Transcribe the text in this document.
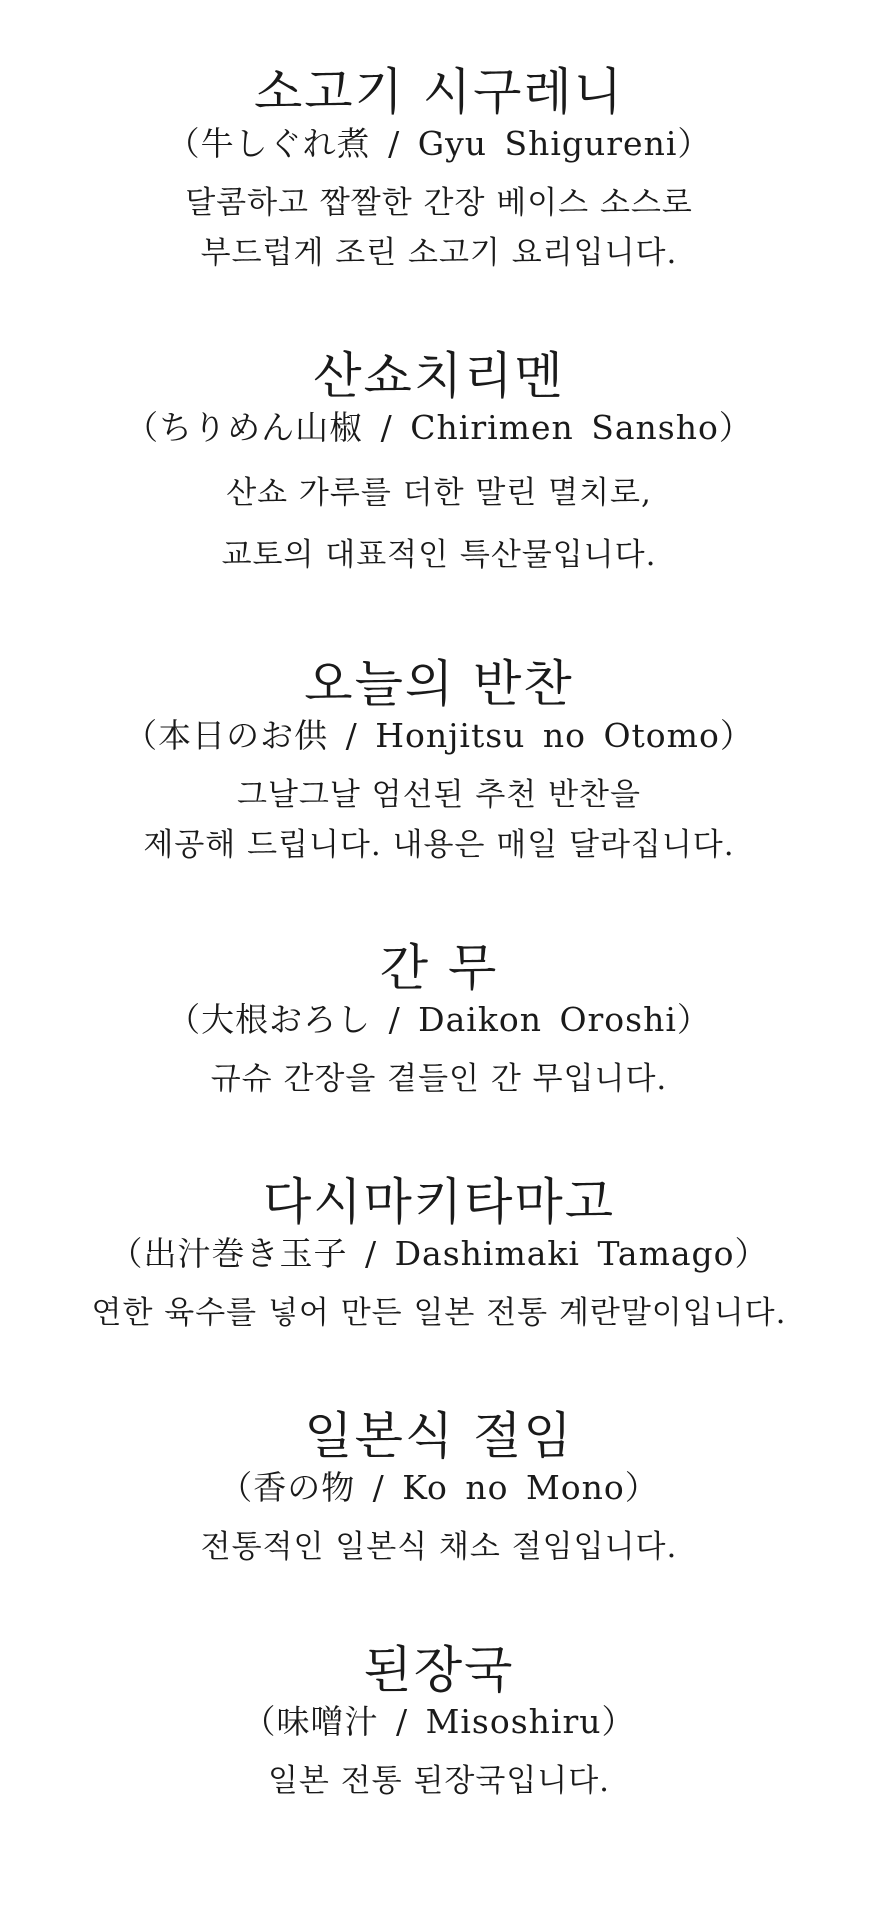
소고기 시구레니

（牛しぐれ煮 / Gyu Shigureni）

달콤하고 짭짤한 간장 베이스 소스로

부드럽게 조린 소고기 요리입니다.

산쇼치리멘

（ちりめん山椒 / Chirimen Sansho）

산쇼 가루를 더한 말린 멸치로,

교토의 대표적인 특산물입니다.

오늘의 반찬

（本日のお供 / Honjitsu no Otomo）

그날그날 엄선된 추천 반찬을

제공해 드립니다. 내용은 매일 달라집니다.

간 무

（大根おろし / Daikon Oroshi）

규슈 간장을 곁들인 간 무입니다.

다시마키타마고

（出汁巻き玉子 / Dashimaki Tamago）

연한 육수를 넣어 만든 일본 전통 계란말이입니다.

일본식 절임

（香の物 / Ko no Mono）

전통적인 일본식 채소 절임입니다.

된장국

（味噌汁 / Misoshiru）

일본 전통 된장국입니다.
